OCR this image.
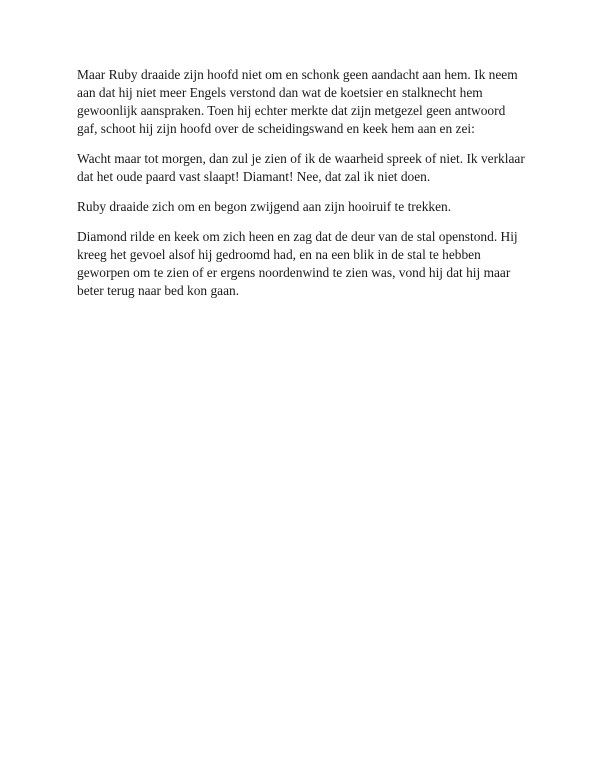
Maar Ruby draaide zijn hoofd niet om en schonk geen aandacht aan hem. Ik neem aan dat hij niet meer Engels verstond dan wat de koetsier en stalknecht hem gewoonlijk aanspraken. Toen hij echter merkte dat zijn metgezel geen antwoord gaf, schoot hij zijn hoofd over de scheidingswand en keek hem aan en zei:

Wacht maar tot morgen, dan zul je zien of ik de waarheid spreek of niet. Ik verklaar dat het oude paard vast slaapt! Diamant! Nee, dat zal ik niet doen.

Ruby draaide zich om en begon zwijgend aan zijn hooiruif te trekken.

Diamond rilde en keek om zich heen en zag dat de deur van de stal openstond. Hij kreeg het gevoel alsof hij gedroomd had, en na een blik in de stal te hebben geworpen om te zien of er ergens noordenwind te zien was, vond hij dat hij maar beter terug naar bed kon gaan.
